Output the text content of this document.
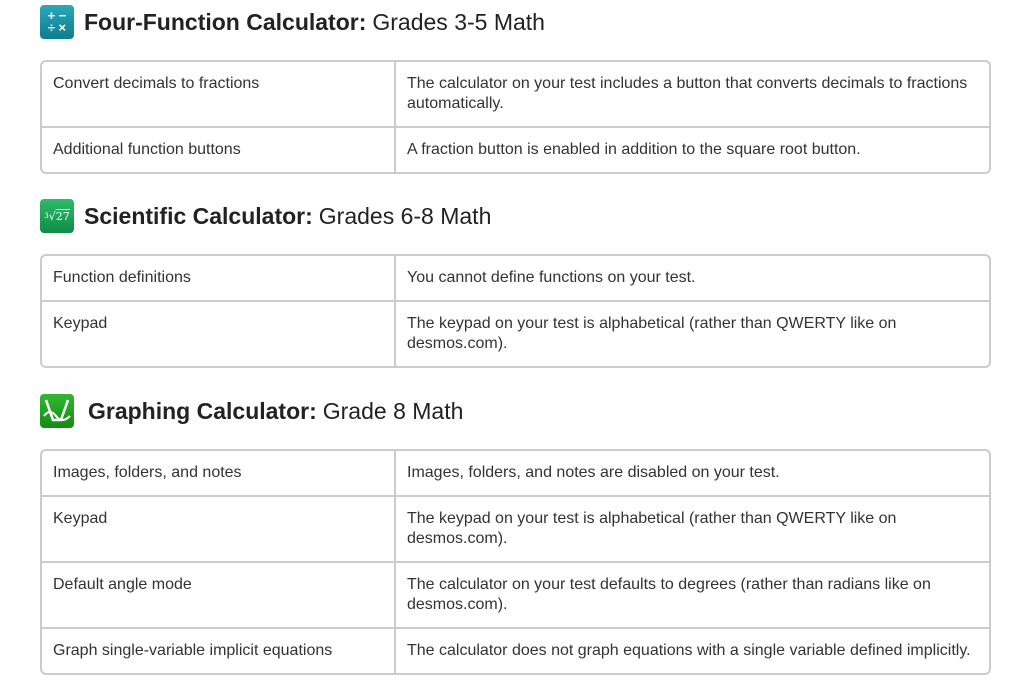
+ −
÷ × Four-Function Calculator: Grades 3-5 Math
Convert decimals to fractions	The calculator on your test includes a button that converts decimals to fractions automatically.
Additional function buttons	A fraction button is enabled in addition to the square root button.
3 √ 27 Scientific Calculator: Grades 6-8 Math
Function definitions	You cannot define functions on your test.
Keypad	The keypad on your test is alphabetical (rather than QWERTY like on desmos.com).
Graphing Calculator: Grade 8 Math
Images, folders, and notes	Images, folders, and notes are disabled on your test.
Keypad	The keypad on your test is alphabetical (rather than QWERTY like on desmos.com).
Default angle mode	The calculator on your test defaults to degrees (rather than radians like on desmos.com).
Graph single-variable implicit equations	The calculator does not graph equations with a single variable defined implicitly.
